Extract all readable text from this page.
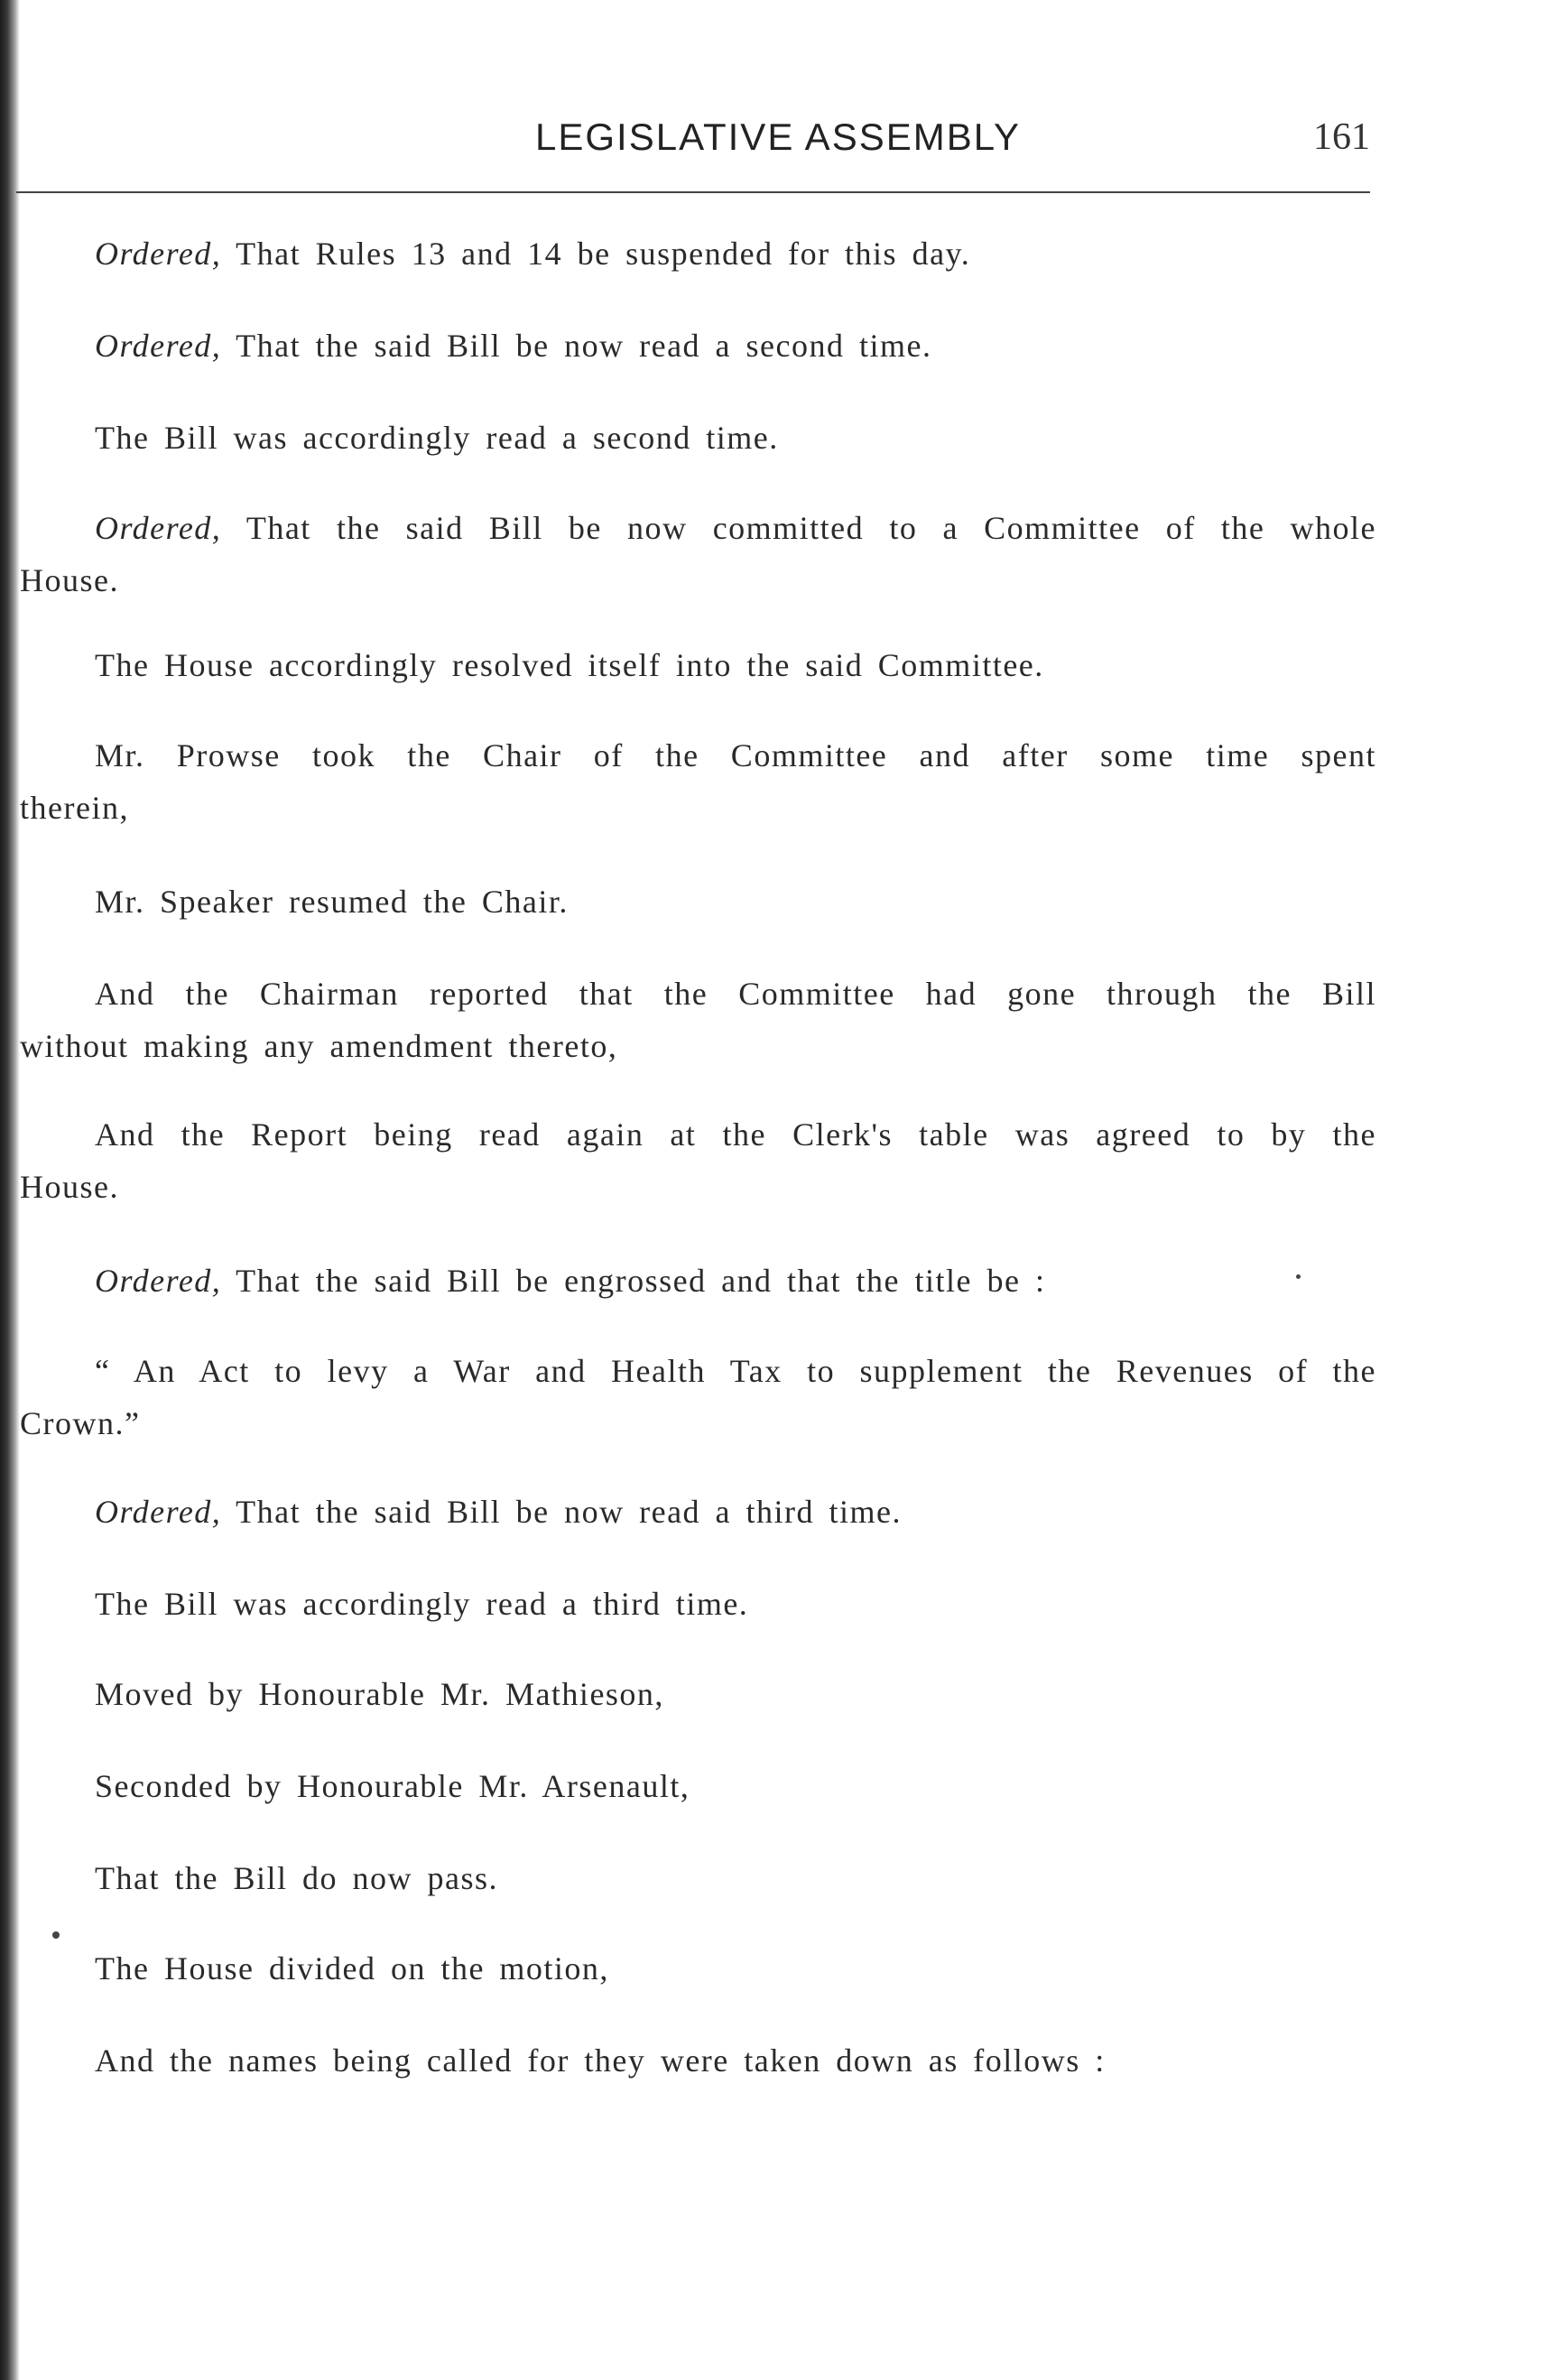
LEGISLATIVE ASSEMBLY	161
Ordered, That Rules 13 and 14 be suspended for this day.
Ordered, That the said Bill be now read a second time.
The Bill was accordingly read a second time.
Ordered, That the said Bill be now committed to a Committee of the whole
House.
The House accordingly resolved itself into the said Committee.
Mr. Prowse took the Chair of the Committee and after some time spent
therein,
Mr. Speaker resumed the Chair.
And the Chairman reported that the Committee had gone through the Bill
without making any amendment thereto,
And the Report being read again at the Clerk's table was agreed to by the
House.
Ordered, That the said Bill be engrossed and that the title be :
“ An Act to levy a War and Health Tax to supplement the Revenues of the
Crown.”
Ordered, That the said Bill be now read a third time.
The Bill was accordingly read a third time.
Moved by Honourable Mr. Mathieson,
Seconded by Honourable Mr. Arsenault,
That the Bill do now pass.
The House divided on the motion,
And the names being called for they were taken down as follows :
